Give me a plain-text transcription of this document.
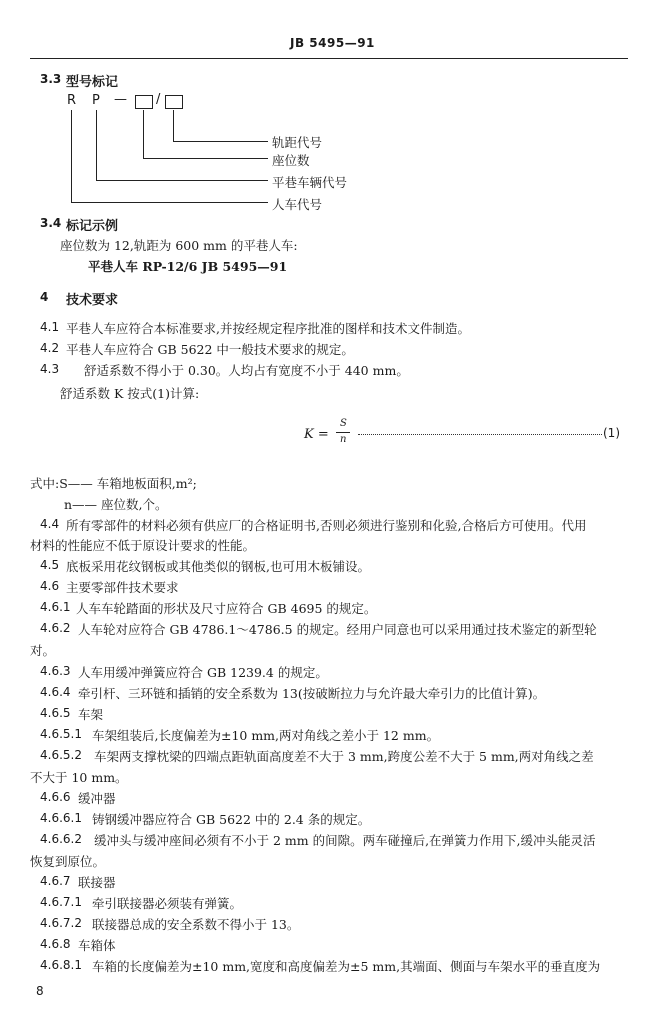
JB 5495—91
3.3 型号标记
R P — /
轨距代号
座位数
平巷车辆代号
人车代号
3.4 标记示例
座位数为 12,轨距为 600 mm 的平巷人车:
平巷人车 RP-12/6 JB 5495—91
4 技术要求
4.1 平巷人车应符合本标准要求,并按经规定程序批准的图样和技术文件制造。
4.2 平巷人车应符合 GB 5622 中一般技术要求的规定。
4.3 舒适系数不得小于 0.30。人均占有宽度不小于 440 mm。
舒适系数 K 按式(1)计算:
K =
S
n	(1)
式中:S—— 车箱地板面积,m²;
n—— 座位数,个。
4.4 所有零部件的材料必须有供应厂的合格证明书,否则必须进行鉴别和化验,合格后方可使用。代用
材料的性能应不低于原设计要求的性能。
4.5 底板采用花纹钢板或其他类似的钢板,也可用木板铺设。
4.6 主要零部件技术要求
4.6.1 人车车轮踏面的形状及尺寸应符合 GB 4695 的规定。
4.6.2 人车轮对应符合 GB 4786.1～4786.5 的规定。经用户同意也可以采用通过技术鉴定的新型轮
对。
4.6.3 人车用缓冲弹簧应符合 GB 1239.4 的规定。
4.6.4 牵引杆、三环链和插销的安全系数为 13(按破断拉力与允许最大牵引力的比值计算)。
4.6.5 车架
4.6.5.1 车架组装后,长度偏差为±10 mm,两对角线之差小于 12 mm。
4.6.5.2 车架两支撑枕梁的四端点距轨面高度差不大于 3 mm,跨度公差不大于 5 mm,两对角线之差
不大于 10 mm。
4.6.6 缓冲器
4.6.6.1 铸钢缓冲器应符合 GB 5622 中的 2.4 条的规定。
4.6.6.2 缓冲头与缓冲座间必须有不小于 2 mm 的间隙。两车碰撞后,在弹簧力作用下,缓冲头能灵活
恢复到原位。
4.6.7 联接器
4.6.7.1 牵引联接器必须装有弹簧。
4.6.7.2 联接器总成的安全系数不得小于 13。
4.6.8 车箱体
4.6.8.1 车箱的长度偏差为±10 mm,宽度和高度偏差为±5 mm,其端面、侧面与车架水平的垂直度为
8
